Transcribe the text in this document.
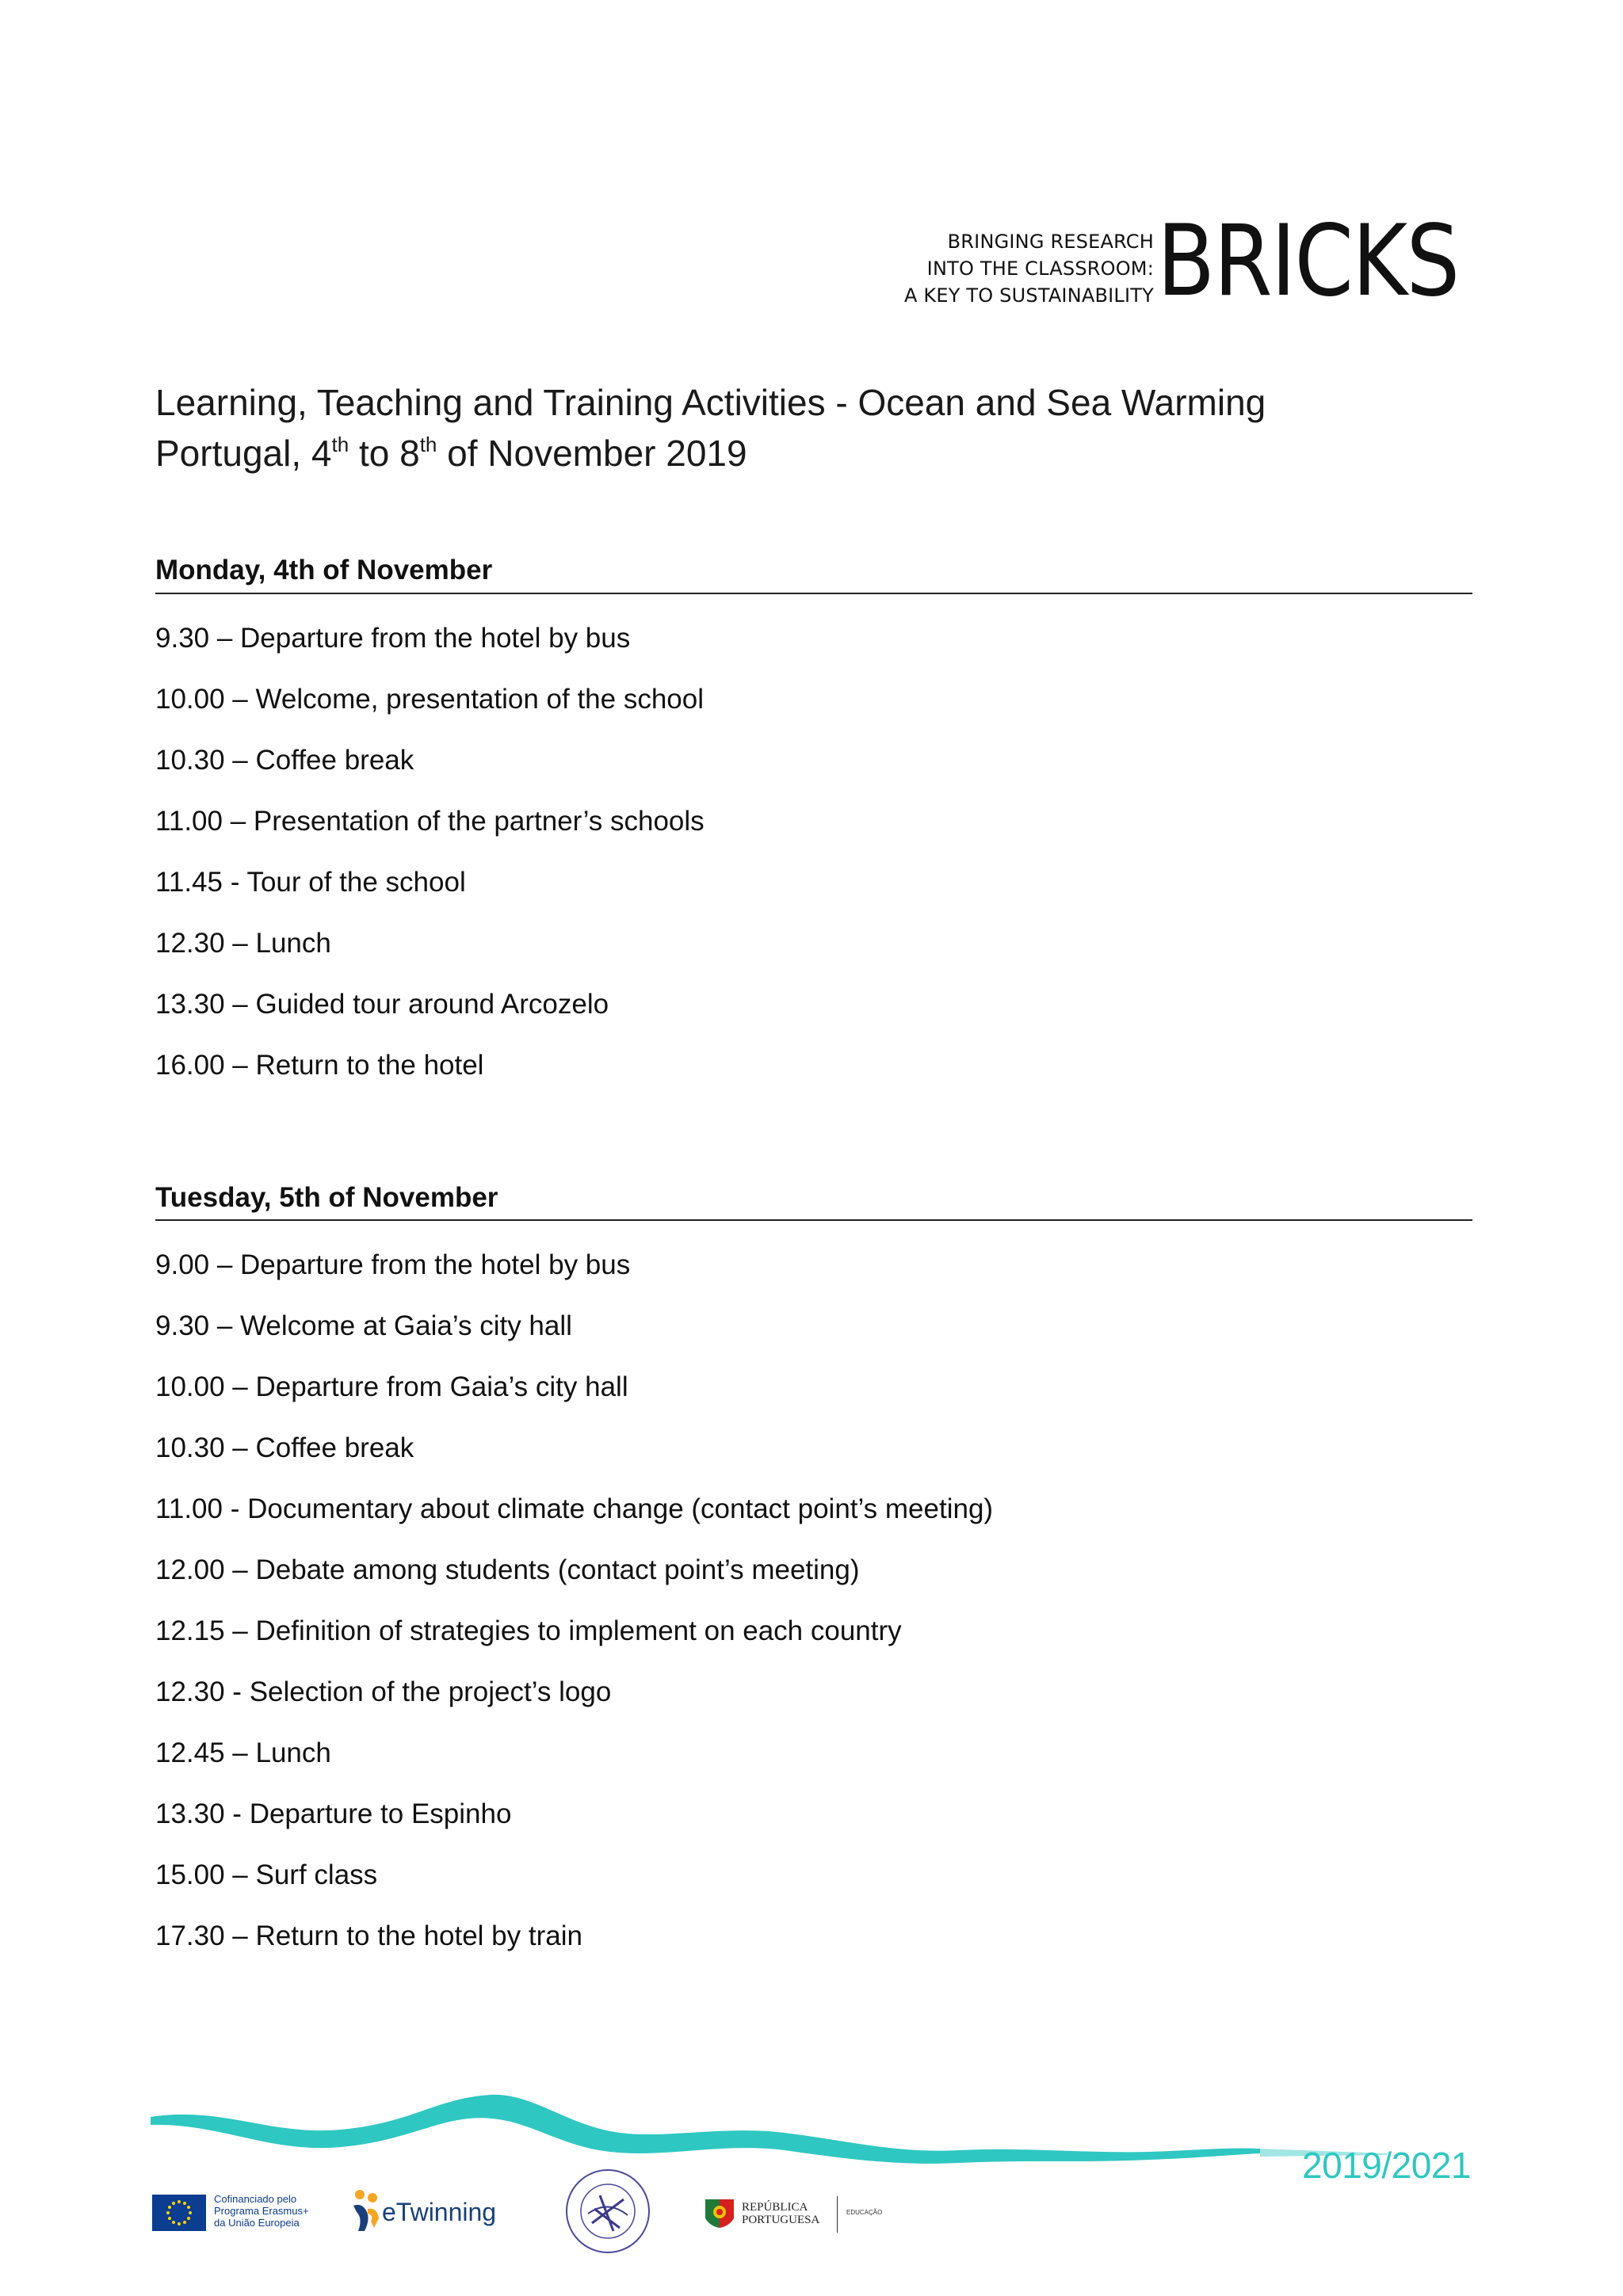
BRINGING RESEARCH
INTO THE CLASSROOM:
A KEY TO SUSTAINABILITY BRICKS
Learning, Teaching and Training Activities - Ocean and Sea Warming
Portugal, 4th to 8th of November 2019
Monday, 4th of November
9.30 – Departure from the hotel by bus
10.00 – Welcome, presentation of the school
10.30 – Coffee break
11.00 – Presentation of the partner’s schools
11.45 - Tour of the school
12.30 – Lunch
13.30 – Guided tour around Arcozelo
16.00 – Return to the hotel
Tuesday, 5th of November
9.00 – Departure from the hotel by bus
9.30 – Welcome at Gaia’s city hall
10.00 – Departure from Gaia’s city hall
10.30 – Coffee break
11.00 - Documentary about climate change (contact point’s meeting)
12.00 – Debate among students (contact point’s meeting)
12.15 – Definition of strategies to implement on each country
12.30 - Selection of the project’s logo
12.45 – Lunch
13.30 - Departure to Espinho
15.00 – Surf class
17.30 – Return to the hotel by train
2019/2021
Cofinanciado pelo
Programa Erasmus+
da União Europeia	eTwinning	REPÚBLICA
PORTUGUESA
EDUCAÇÃO
